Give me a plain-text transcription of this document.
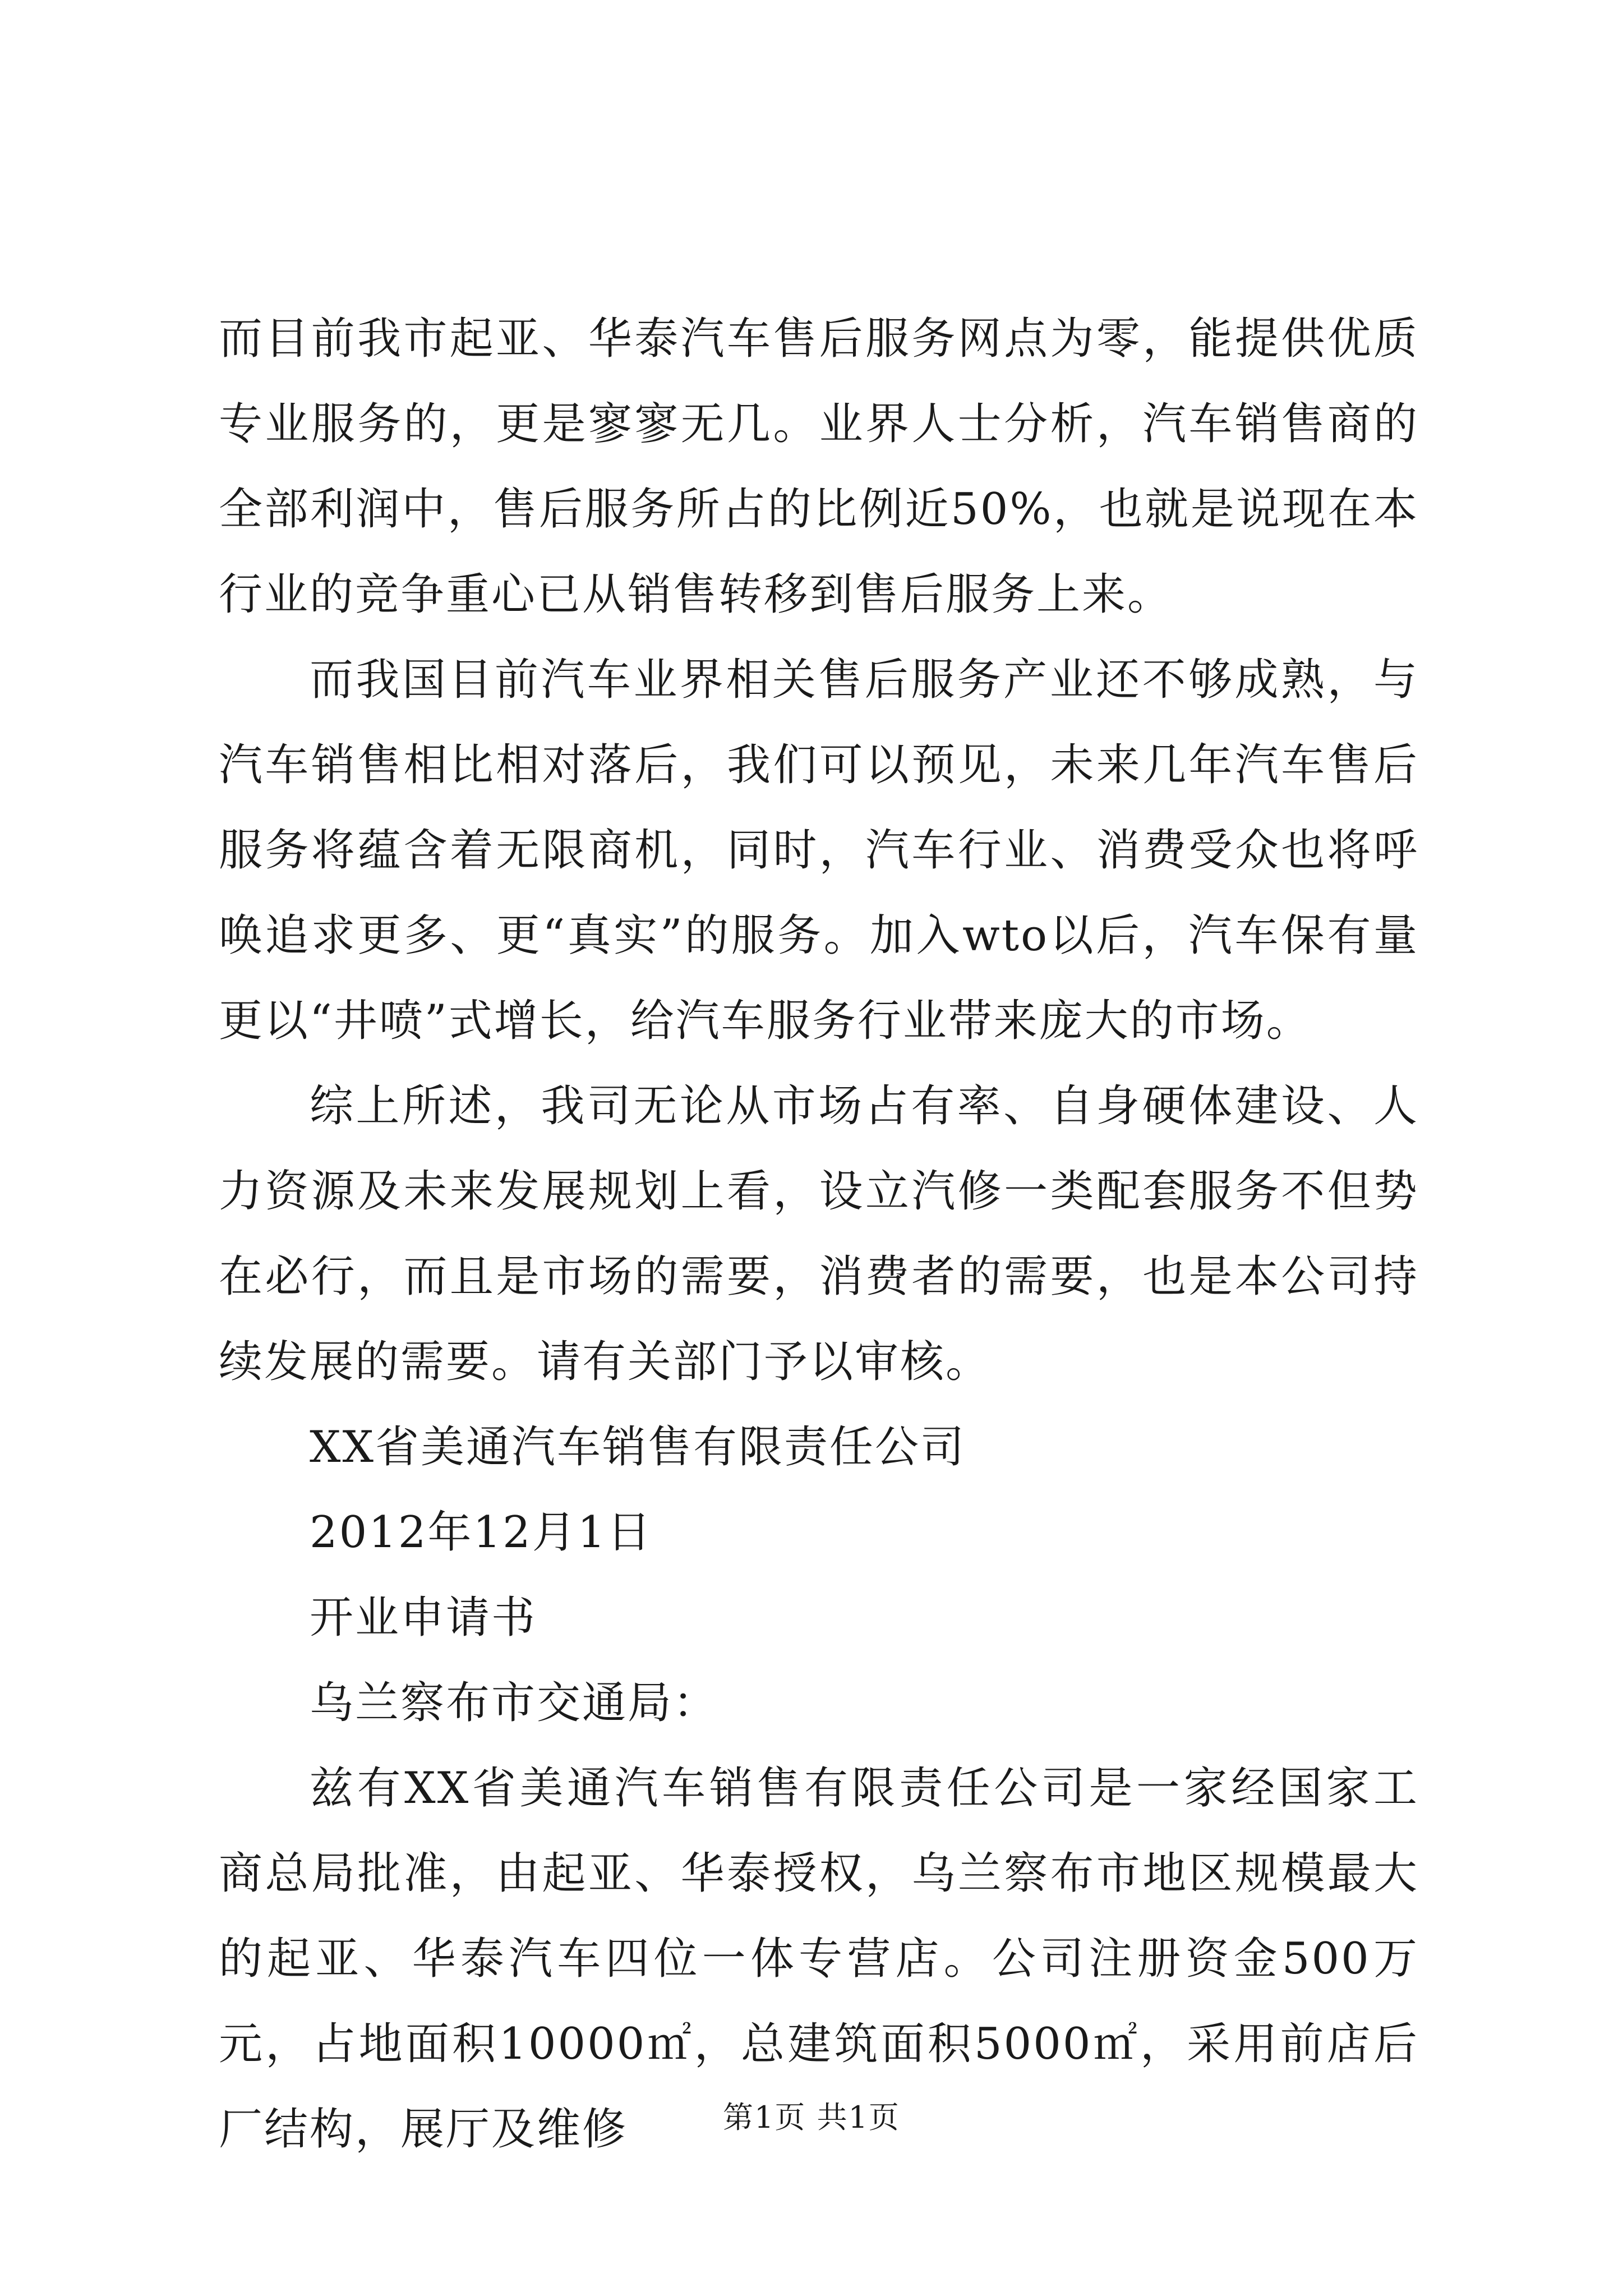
而目前我市起亚、华泰汽车售后服务网点为零，能提供优质专业服务的，更是寥寥无几。业界人士分析，汽车销售商的全部利润中，售后服务所占的比例近50%，也就是说现在本行业的竞争重心已从销售转移到售后服务上来。

而我国目前汽车业界相关售后服务产业还不够成熟，与汽车销售相比相对落后，我们可以预见，未来几年汽车售后服务将蕴含着无限商机，同时，汽车行业、消费受众也将呼唤追求更多、更“真实”的服务。加入wto以后，汽车保有量更以“井喷”式增长，给汽车服务行业带来庞大的市场。

综上所述，我司无论从市场占有率、自身硬体建设、人力资源及未来发展规划上看，设立汽修一类配套服务不但势在必行，而且是市场的需要，消费者的需要，也是本公司持续发展的需要。请有关部门予以审核。

XX省美通汽车销售有限责任公司

2012年12月1日

开业申请书

乌兰察布市交通局：

兹有XX省美通汽车销售有限责任公司是一家经国家工商总局批准，由起亚、华泰授权，乌兰察布市地区规模最大的起亚、华泰汽车四位一体专营店。公司注册资金500万元，占地面积10000㎡，总建筑面积5000㎡，采用前店后厂结构，展厅及维修	第1页 共1页
